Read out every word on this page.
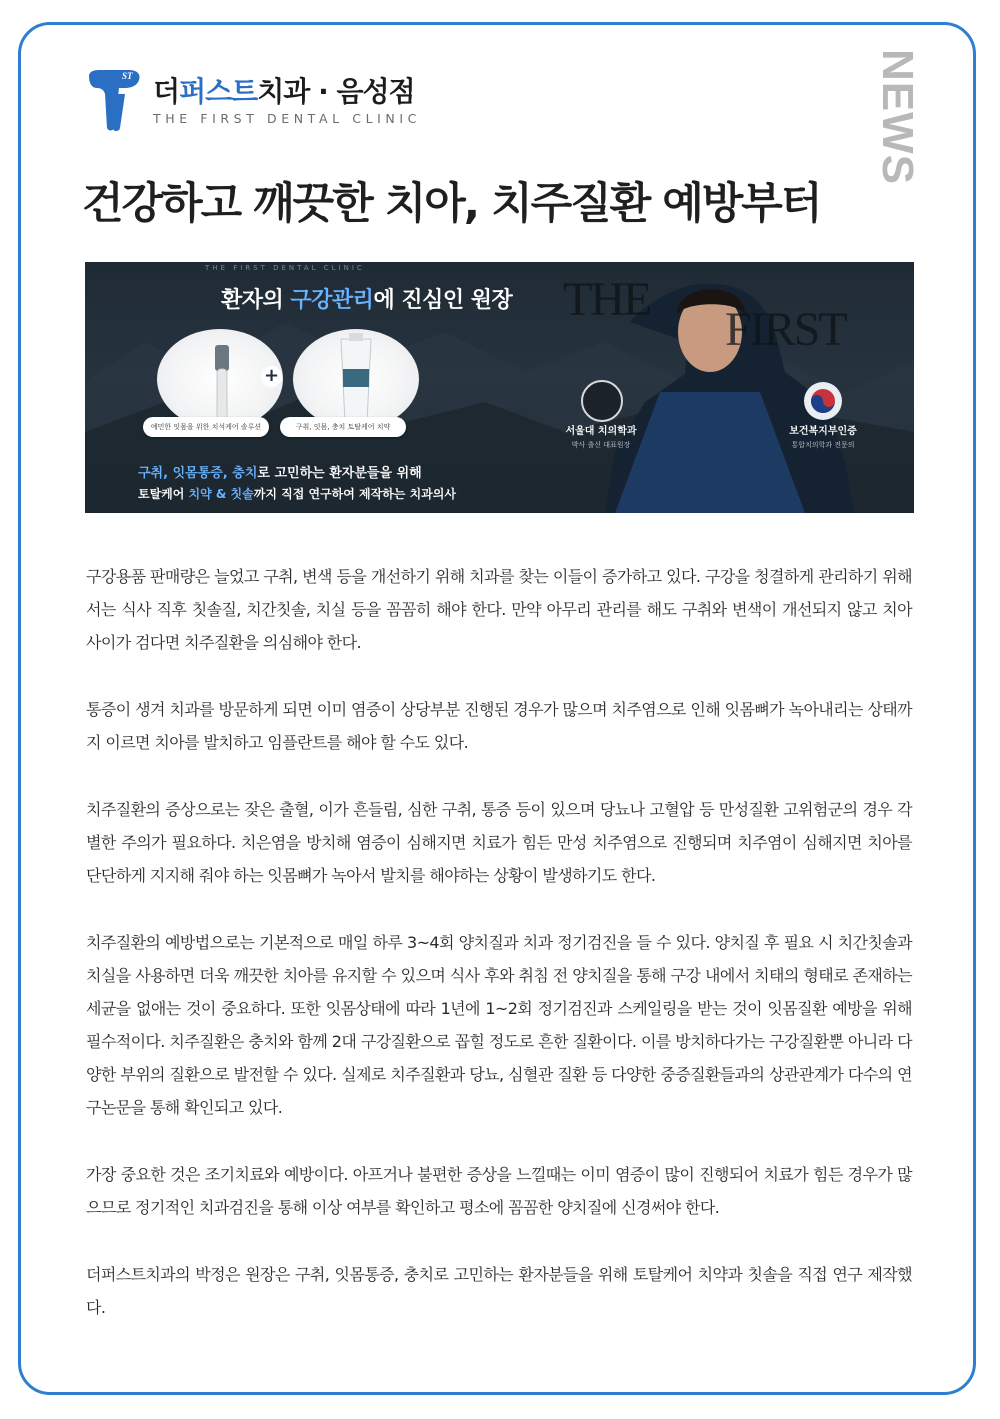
ST 더퍼스트치과 · 음성점
THE FIRST DENTAL CLINIC	NEWS
건강하고 깨끗한 치아, 치주질환 예방부터
THE FIRST DENTAL CLINIC
환자의 구강관리에 진심인 원장 THE
FIRST
+
예민한 잇몸을 위한 치석케어 솔루션	구취, 잇몸, 충치 토탈케어 치약
구취, 잇몸통증, 충치로 고민하는 환자분들을 위해
토탈케어 치약 & 칫솔까지 직접 연구하여 제작하는 치과의사
서울대 치의학과
박사 출신 대표원장
보건복지부인증
통합치의학과 전문의

구강용품 판매량은 늘었고 구취, 변색 등을 개선하기 위해 치과를 찾는 이들이 증가하고 있다. 구강을 청결하게 관리하기 위해서는 식사 직후 칫솔질, 치간칫솔, 치실 등을 꼼꼼히 해야 한다. 만약 아무리 관리를 해도 구취와 변색이 개선되지 않고 치아 사이가 검다면 치주질환을 의심해야 한다.

통증이 생겨 치과를 방문하게 되면 이미 염증이 상당부분 진행된 경우가 많으며 치주염으로 인해 잇몸뼈가 녹아내리는 상태까지 이르면 치아를 발치하고 임플란트를 해야 할 수도 있다.

치주질환의 증상으로는 잦은 출혈, 이가 흔들림, 심한 구취, 통증 등이 있으며 당뇨나 고혈압 등 만성질환 고위험군의 경우 각별한 주의가 필요하다. 치은염을 방치해 염증이 심해지면 치료가 힘든 만성 치주염으로 진행되며 치주염이 심해지면 치아를 단단하게 지지해 줘야 하는 잇몸뼈가 녹아서 발치를 해야하는 상황이 발생하기도 한다.

치주질환의 예방법으로는 기본적으로 매일 하루 3~4회 양치질과 치과 정기검진을 들 수 있다. 양치질 후 필요 시 치간칫솔과 치실을 사용하면 더욱 깨끗한 치아를 유지할 수 있으며 식사 후와 취침 전 양치질을 통해 구강 내에서 치태의 형태로 존재하는 세균을 없애는 것이 중요하다. 또한 잇몸상태에 따라 1년에 1~2회 정기검진과 스케일링을 받는 것이 잇몸질환 예방을 위해 필수적이다. 치주질환은 충치와 함께 2대 구강질환으로 꼽힐 정도로 흔한 질환이다. 이를 방치하다가는 구강질환뿐 아니라 다양한 부위의 질환으로 발전할 수 있다. 실제로 치주질환과 당뇨, 심혈관 질환 등 다양한 중증질환들과의 상관관계가 다수의 연구논문을 통해 확인되고 있다.

가장 중요한 것은 조기치료와 예방이다. 아프거나 불편한 증상을 느낄때는 이미 염증이 많이 진행되어 치료가 힘든 경우가 많으므로 정기적인 치과검진을 통해 이상 여부를 확인하고 평소에 꼼꼼한 양치질에 신경써야 한다.

더퍼스트치과의 박정은 원장은 구취, 잇몸통증, 충치로 고민하는 환자분들을 위해 토탈케어 치약과 칫솔을 직접 연구 제작했다.
